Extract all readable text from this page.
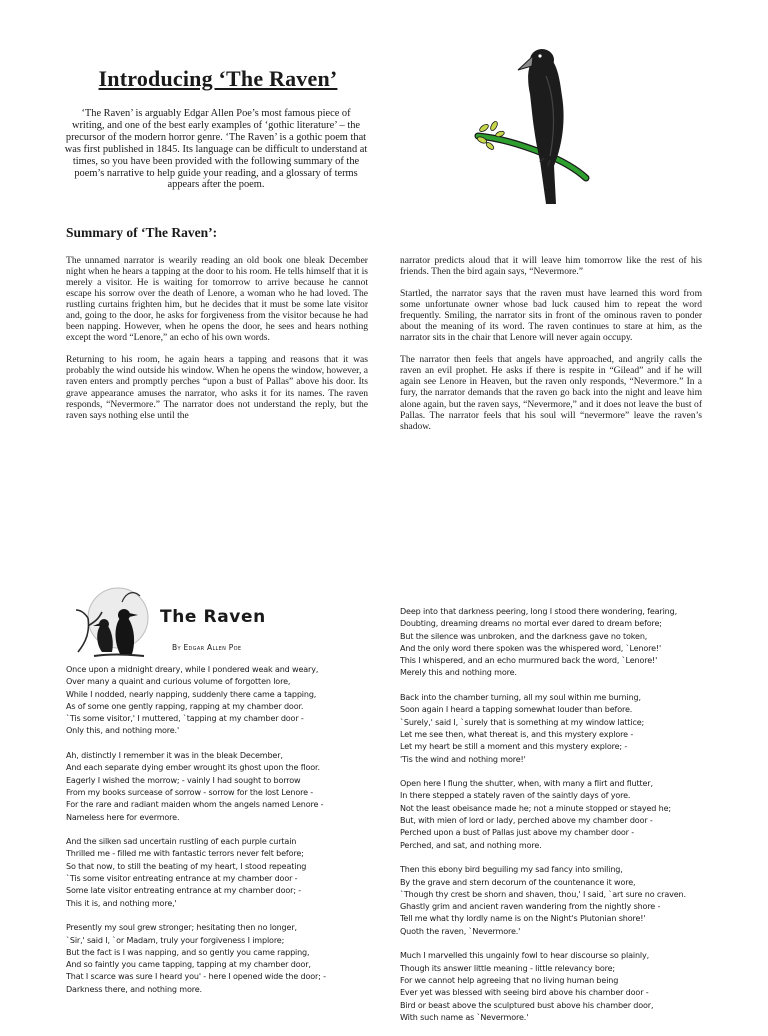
Introducing ‘The Raven’
‘The Raven’ is arguably Edgar Allen Poe’s most famous piece of writing, and one of the best early examples of ‘gothic literature’ – the precursor of the modern horror genre. ‘The Raven’ is a gothic poem that was first published in 1845. Its language can be difficult to understand at times, so you have been provided with the following summary of the poem’s narrative to help guide your reading, and a glossary of terms appears after the poem.
Summary of ‘The Raven’:

The unnamed narrator is wearily reading an old book one bleak December night when he hears a tapping at the door to his room. He tells himself that it is merely a visitor. He is waiting for tomorrow to arrive because he cannot escape his sorrow over the death of Lenore, a woman who he had loved. The rustling curtains frighten him, but he decides that it must be some late visitor and, going to the door, he asks for forgiveness from the visitor because he had been napping. However, when he opens the door, he sees and hears nothing except the word “Lenore,” an echo of his own words.

Returning to his room, he again hears a tapping and reasons that it was probably the wind outside his window. When he opens the window, however, a raven enters and promptly perches “upon a bust of Pallas” above his door. Its grave appearance amuses the narrator, who asks it for its names. The raven responds, “Nevermore.” The narrator does not understand the reply, but the raven says nothing else until the

narrator predicts aloud that it will leave him tomorrow like the rest of his friends. Then the bird again says, “Nevermore.”

Startled, the narrator says that the raven must have learned this word from some unfortunate owner whose bad luck caused him to repeat the word frequently. Smiling, the narrator sits in front of the ominous raven to ponder about the meaning of its word. The raven continues to stare at him, as the narrator sits in the chair that Lenore will never again occupy.

The narrator then feels that angels have approached, and angrily calls the raven an evil prophet. He asks if there is respite in “Gilead” and if he will again see Lenore in Heaven, but the raven only responds, “Nevermore.” In a fury, the narrator demands that the raven go back into the night and leave him alone again, but the raven says, “Nevermore,” and it does not leave the bust of Pallas. The narrator feels that his soul will “nevermore” leave the raven’s shadow.

The Raven
By Edgar Allen Poe
Once upon a midnight dreary, while I pondered weak and weary,
Over many a quaint and curious volume of forgotten lore,
While I nodded, nearly napping, suddenly there came a tapping,
As of some one gently rapping, rapping at my chamber door.
`Tis some visitor,' I muttered, `tapping at my chamber door -
Only this, and nothing more.'
Ah, distinctly I remember it was in the bleak December,
And each separate dying ember wrought its ghost upon the floor.
Eagerly I wished the morrow; - vainly I had sought to borrow
From my books surcease of sorrow - sorrow for the lost Lenore -
For the rare and radiant maiden whom the angels named Lenore -
Nameless here for evermore.
And the silken sad uncertain rustling of each purple curtain
Thrilled me - filled me with fantastic terrors never felt before;
So that now, to still the beating of my heart, I stood repeating
`Tis some visitor entreating entrance at my chamber door -
Some late visitor entreating entrance at my chamber door; -
This it is, and nothing more,'
Presently my soul grew stronger; hesitating then no longer,
`Sir,' said I, `or Madam, truly your forgiveness I implore;
But the fact is I was napping, and so gently you came rapping,
And so faintly you came tapping, tapping at my chamber door,
That I scarce was sure I heard you' - here I opened wide the door; -
Darkness there, and nothing more.
Deep into that darkness peering, long I stood there wondering, fearing,
Doubting, dreaming dreams no mortal ever dared to dream before;
But the silence was unbroken, and the darkness gave no token,
And the only word there spoken was the whispered word, `Lenore!'
This I whispered, and an echo murmured back the word, `Lenore!'
Merely this and nothing more.
Back into the chamber turning, all my soul within me burning,
Soon again I heard a tapping somewhat louder than before.
`Surely,' said I, `surely that is something at my window lattice;
Let me see then, what thereat is, and this mystery explore -
Let my heart be still a moment and this mystery explore; -
'Tis the wind and nothing more!'
Open here I flung the shutter, when, with many a flirt and flutter,
In there stepped a stately raven of the saintly days of yore.
Not the least obeisance made he; not a minute stopped or stayed he;
But, with mien of lord or lady, perched above my chamber door -
Perched upon a bust of Pallas just above my chamber door -
Perched, and sat, and nothing more.
Then this ebony bird beguiling my sad fancy into smiling,
By the grave and stern decorum of the countenance it wore,
`Though thy crest be shorn and shaven, thou,' I said, `art sure no craven.
Ghastly grim and ancient raven wandering from the nightly shore -
Tell me what thy lordly name is on the Night's Plutonian shore!'
Quoth the raven, `Nevermore.'
Much I marvelled this ungainly fowl to hear discourse so plainly,
Though its answer little meaning - little relevancy bore;
For we cannot help agreeing that no living human being
Ever yet was blessed with seeing bird above his chamber door -
Bird or beast above the sculptured bust above his chamber door,
With such name as `Nevermore.'
